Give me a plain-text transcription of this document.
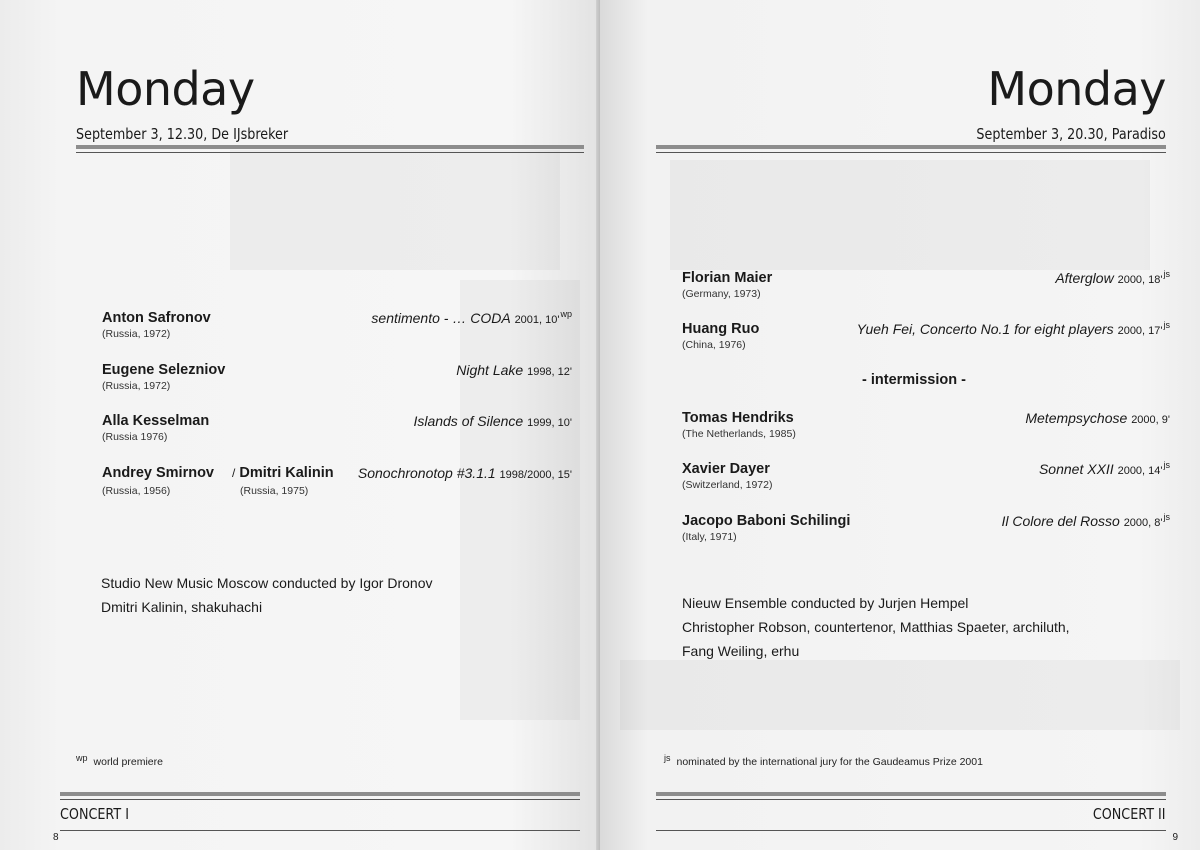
Monday
September 3, 12.30, De IJsbreker
Anton Safronov
(Russia, 1972)
sentimento - … CODA 2001, $10'^{wp}$
Eugene Selezniov
(Russia, 1972)
Night Lake 1998, 12'
Alla Kesselman
(Russia 1976)
Islands of Silence 1999, 10'
Andrey Smirnov
(Russia, 1956)
/ Dmitri Kalinin
(Russia, 1975)
Sonochronotop #3.1.1 1998/2000, 15'
Studio New Music Moscow conducted by Igor Dronov
Dmitri Kalinin, shakuhachi
$^{wp}$ world premiere
CONCERT I
8
Monday
September 3, 20.30, Paradiso
Florian Maier
(Germany, 1973)
Afterglow 2000, $18'^{js}$
Huang Ruo
(China, 1976)
Yueh Fei, Concerto No.1 for eight players 2000, $17'^{js}$
- intermission -
Tomas Hendriks
(The Netherlands, 1985)
Metempsychose 2000, 9'
Xavier Dayer
(Switzerland, 1972)
Sonnet XXII 2000, $14'^{js}$
Jacopo Baboni Schilingi
(Italy, 1971)
Il Colore del Rosso 2000, $8'^{js}$
Nieuw Ensemble conducted by Jurjen Hempel
Christopher Robson, countertenor, Matthias Spaeter, archiluth,
Fang Weiling, erhu
$^{js}$ nominated by the international jury for the Gaudeamus Prize 2001
CONCERT II
9
